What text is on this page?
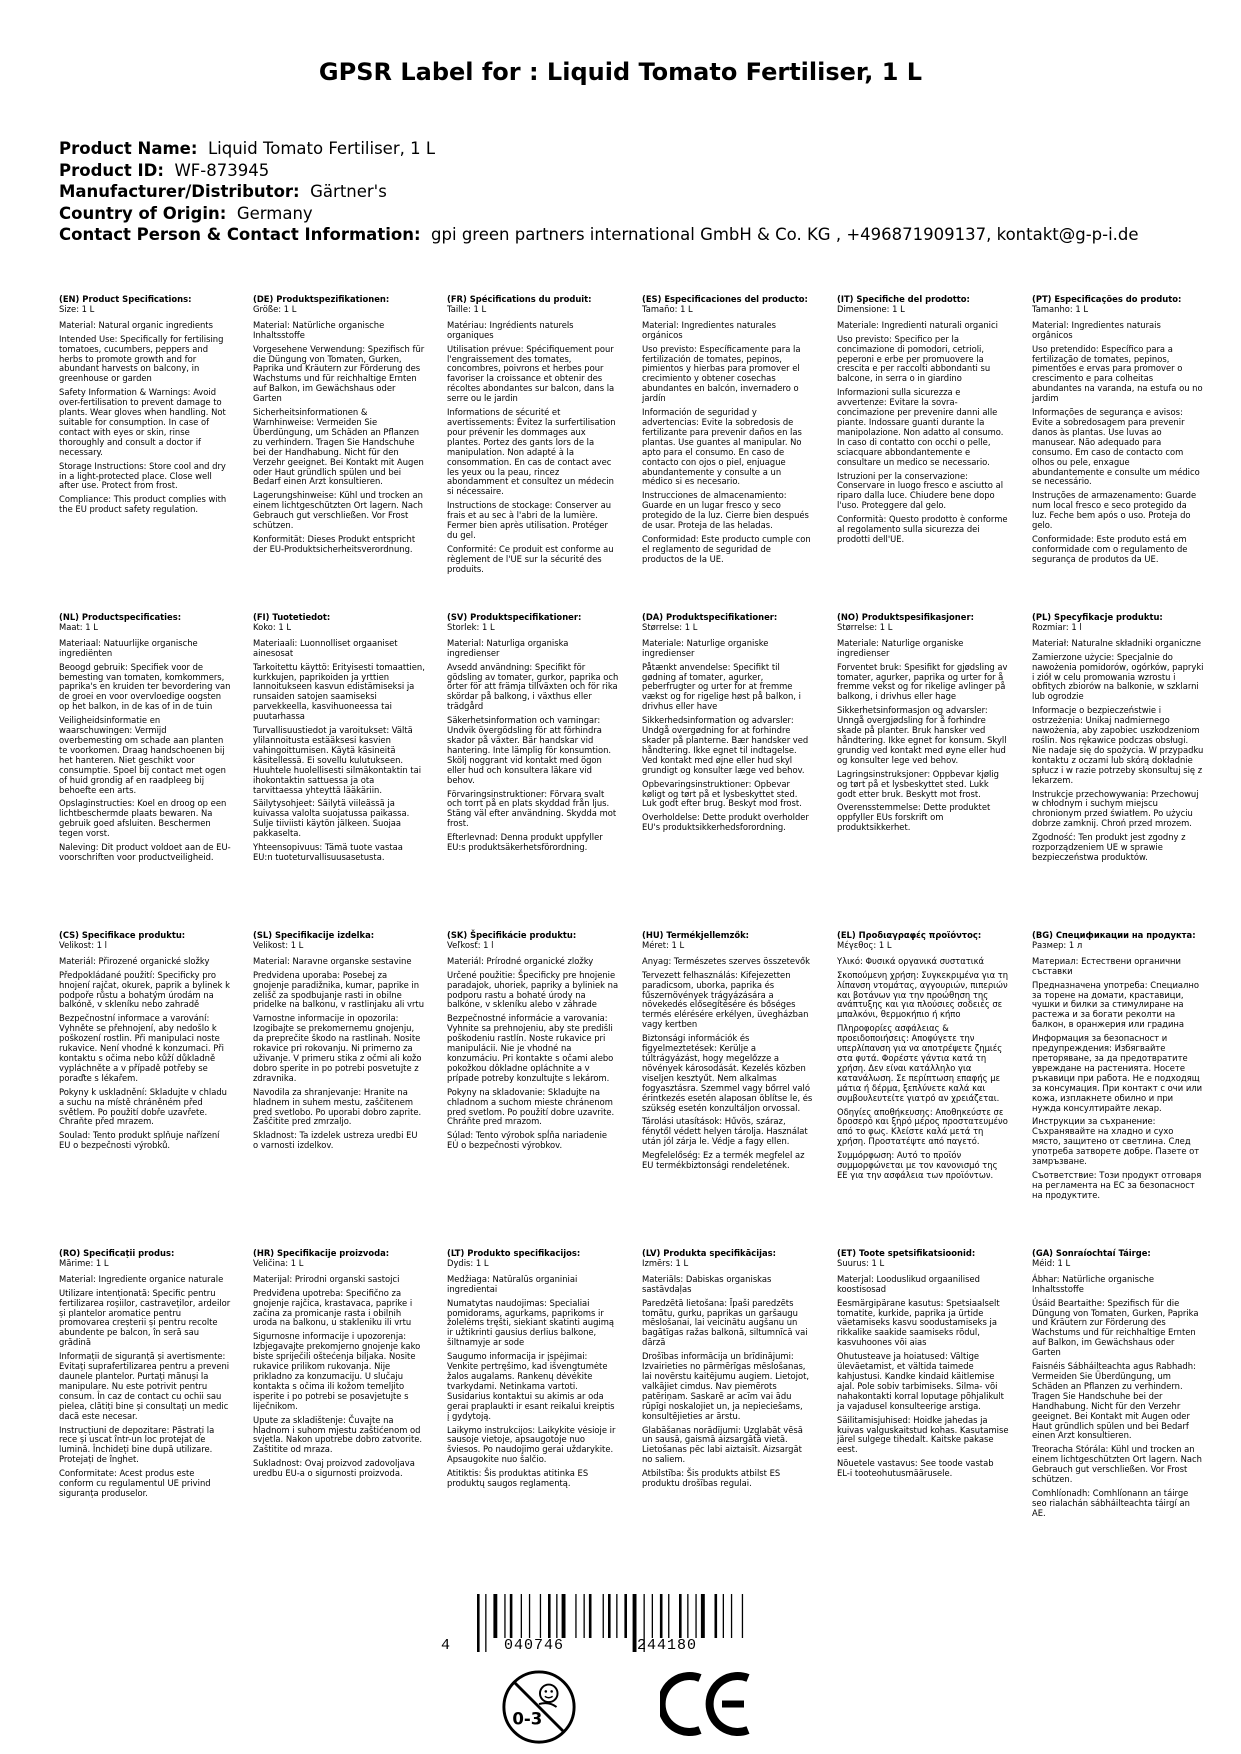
GPSR Label for : Liquid Tomato Fertiliser, 1 L
Product Name: Liquid Tomato Fertiliser, 1 L
Product ID: WF-873945
Manufacturer/Distributor: Gärtner's
Country of Origin: Germany
Contact Person & Contact Information: gpi green partners international GmbH & Co. KG , +496871909137, kontakt@g-p-i.de
(EN) Product Specifications:

Size: 1 L

Material: Natural organic ingredients

Intended Use: Specifically for fertilising tomatoes, cucumbers, peppers and herbs to promote growth and for abundant harvests on balcony, in greenhouse or garden

Safety Information & Warnings: Avoid over-fertilisation to prevent damage to plants. Wear gloves when handling. Not suitable for consumption. In case of contact with eyes or skin, rinse thoroughly and consult a doctor if necessary.

Storage Instructions: Store cool and dry in a light-protected place. Close well after use. Protect from frost.

Compliance: This product complies with the EU product safety regulation.

(DE) Produktspezifikationen:

Größe: 1 L

Material: Natürliche organische Inhaltsstoffe

Vorgesehene Verwendung: Spezifisch für die Düngung von Tomaten, Gurken, Paprika und Kräutern zur Förderung des Wachstums und für reichhaltige Ernten auf Balkon, im Gewächshaus oder Garten

Sicherheitsinformationen & Warnhinweise: Vermeiden Sie Überdüngung, um Schäden an Pflanzen zu verhindern. Tragen Sie Handschuhe bei der Handhabung. Nicht für den Verzehr geeignet. Bei Kontakt mit Augen oder Haut gründlich spülen und bei Bedarf einen Arzt konsultieren.

Lagerungshinweise: Kühl und trocken an einem lichtgeschützten Ort lagern. Nach Gebrauch gut verschließen. Vor Frost schützen.

Konformität: Dieses Produkt entspricht der EU-Produktsicherheitsverordnung.

(FR) Spécifications du produit:

Taille: 1 L

Matériau: Ingrédients naturels organiques

Utilisation prévue: Spécifiquement pour l'engraissement des tomates, concombres, poivrons et herbes pour favoriser la croissance et obtenir des récoltes abondantes sur balcon, dans la serre ou le jardin

Informations de sécurité et avertissements: Évitez la surfertilisation pour prévenir les dommages aux plantes. Portez des gants lors de la manipulation. Non adapté à la consommation. En cas de contact avec les yeux ou la peau, rincez abondamment et consultez un médecin si nécessaire.

Instructions de stockage: Conserver au frais et au sec à l'abri de la lumière. Fermer bien après utilisation. Protéger du gel.

Conformité: Ce produit est conforme au règlement de l'UE sur la sécurité des produits.

(ES) Especificaciones del producto:

Tamaño: 1 L

Material: Ingredientes naturales orgánicos

Uso previsto: Específicamente para la fertilización de tomates, pepinos, pimientos y hierbas para promover el crecimiento y obtener cosechas abundantes en balcón, invernadero o jardín

Información de seguridad y advertencias: Evite la sobredosis de fertilizante para prevenir daños en las plantas. Use guantes al manipular. No apto para el consumo. En caso de contacto con ojos o piel, enjuague abundantemente y consulte a un médico si es necesario.

Instrucciones de almacenamiento: Guarde en un lugar fresco y seco protegido de la luz. Cierre bien después de usar. Proteja de las heladas.

Conformidad: Este producto cumple con el reglamento de seguridad de productos de la UE.

(IT) Specifiche del prodotto:

Dimensione: 1 L

Materiale: Ingredienti naturali organici

Uso previsto: Specifico per la concimazione di pomodori, cetrioli, peperoni e erbe per promuovere la crescita e per raccolti abbondanti su balcone, in serra o in giardino

Informazioni sulla sicurezza e avvertenze: Evitare la sovra-concimazione per prevenire danni alle piante. Indossare guanti durante la manipolazione. Non adatto al consumo. In caso di contatto con occhi o pelle, sciacquare abbondantemente e consultare un medico se necessario.

Istruzioni per la conservazione: Conservare in luogo fresco e asciutto al riparo dalla luce. Chiudere bene dopo l'uso. Proteggere dal gelo.

Conformità: Questo prodotto è conforme al regolamento sulla sicurezza dei prodotti dell'UE.

(PT) Especificações do produto:

Tamanho: 1 L

Material: Ingredientes naturais orgânicos

Uso pretendido: Específico para a fertilização de tomates, pepinos, pimentões e ervas para promover o crescimento e para colheitas abundantes na varanda, na estufa ou no jardim

Informações de segurança e avisos: Evite a sobredosagem para prevenir danos às plantas. Use luvas ao manusear. Não adequado para consumo. Em caso de contacto com olhos ou pele, enxague abundantemente e consulte um médico se necessário.

Instruções de armazenamento: Guarde num local fresco e seco protegido da luz. Feche bem após o uso. Proteja do gelo.

Conformidade: Este produto está em conformidade com o regulamento de segurança de produtos da UE.

(NL) Productspecificaties:

Maat: 1 L

Materiaal: Natuurlijke organische ingrediënten

Beoogd gebruik: Specifiek voor de bemesting van tomaten, komkommers, paprika's en kruiden ter bevordering van de groei en voor overvloedige oogsten op het balkon, in de kas of in de tuin

Veiligheidsinformatie en waarschuwingen: Vermijd overbemesting om schade aan planten te voorkomen. Draag handschoenen bij het hanteren. Niet geschikt voor consumptie. Spoel bij contact met ogen of huid grondig af en raadpleeg bij behoefte een arts.

Opslaginstructies: Koel en droog op een lichtbeschermde plaats bewaren. Na gebruik goed afsluiten. Beschermen tegen vorst.

Naleving: Dit product voldoet aan de EU-voorschriften voor productveiligheid.

(FI) Tuotetiedot:

Koko: 1 L

Materiaali: Luonnolliset orgaaniset ainesosat

Tarkoitettu käyttö: Erityisesti tomaattien, kurkkujen, paprikoiden ja yrttien lannoitukseen kasvun edistämiseksi ja runsaiden satojen saamiseksi parvekkeella, kasvihuoneessa tai puutarhassa

Turvallisuustiedot ja varoitukset: Vältä ylilannoitusta estääksesi kasvien vahingoittumisen. Käytä käsineitä käsitellessä. Ei sovellu kulutukseen. Huuhtele huolellisesti silmäkontaktin tai ihokontaktin sattuessa ja ota tarvittaessa yhteyttä lääkäriin.

Säilytysohjeet: Säilytä viileässä ja kuivassa valolta suojatussa paikassa. Sulje tiiviisti käytön jälkeen. Suojaa pakkaselta.

Yhteensopivuus: Tämä tuote vastaa EU:n tuoteturvallisuusasetusta.

(SV) Produktspecifikationer:

Storlek: 1 L

Material: Naturliga organiska ingredienser

Avsedd användning: Specifikt för gödsling av tomater, gurkor, paprika och örter för att främja tillväxten och för rika skördar på balkong, i växthus eller trädgård

Säkerhetsinformation och varningar: Undvik övergödsling för att förhindra skador på växter. Bär handskar vid hantering. Inte lämplig för konsumtion. Skölj noggrant vid kontakt med ögon eller hud och konsultera läkare vid behov.

Förvaringsinstruktioner: Förvara svalt och torrt på en plats skyddad från ljus. Stäng väl efter användning. Skydda mot frost.

Efterlevnad: Denna produkt uppfyller EU:s produktsäkerhetsförordning.

(DA) Produktspecifikationer:

Størrelse: 1 L

Materiale: Naturlige organiske ingredienser

Påtænkt anvendelse: Specifikt til gødning af tomater, agurker, peberfrugter og urter for at fremme vækst og for rigelige høst på balkon, i drivhus eller have

Sikkerhedsinformation og advarsler: Undgå overgødning for at forhindre skader på planterne. Bær handsker ved håndtering. Ikke egnet til indtagelse. Ved kontakt med øjne eller hud skyl grundigt og konsulter læge ved behov.

Opbevaringsinstruktioner: Opbevar køligt og tørt på et lysbeskyttet sted. Luk godt efter brug. Beskyt mod frost.

Overholdelse: Dette produkt overholder EU's produktsikkerhedsforordning.

(NO) Produktspesifikasjoner:

Størrelse: 1 L

Materiale: Naturlige organiske ingredienser

Forventet bruk: Spesifikt for gjødsling av tomater, agurker, paprika og urter for å fremme vekst og for rikelige avlinger på balkong, i drivhus eller hage

Sikkerhetsinformasjon og advarsler: Unngå overgjødsling for å forhindre skade på planter. Bruk hansker ved håndtering. Ikke egnet for konsum. Skyll grundig ved kontakt med øyne eller hud og konsulter lege ved behov.

Lagringsinstruksjoner: Oppbevar kjølig og tørt på et lysbeskyttet sted. Lukk godt etter bruk. Beskytt mot frost.

Overensstemmelse: Dette produktet oppfyller EUs forskrift om produktsikkerhet.

(PL) Specyfikacje produktu:

Rozmiar: 1 l

Materiał: Naturalne składniki organiczne

Zamierzone użycie: Specjalnie do nawożenia pomidorów, ogórków, papryki i ziół w celu promowania wzrostu i obfitych zbiorów na balkonie, w szklarni lub ogrodzie

Informacje o bezpieczeństwie i ostrzeżenia: Unikaj nadmiernego nawożenia, aby zapobiec uszkodzeniom roślin. Nos rękawice podczas obsługi. Nie nadaje się do spożycia. W przypadku kontaktu z oczami lub skórą dokładnie spłucz i w razie potrzeby skonsultuj się z lekarzem.

Instrukcje przechowywania: Przechowuj w chłodnym i suchym miejscu chronionym przed światłem. Po użyciu dobrze zamknij. Chroń przed mrozem.

Zgodność: Ten produkt jest zgodny z rozporządzeniem UE w sprawie bezpieczeństwa produktów.

(CS) Specifikace produktu:

Velikost: 1 l

Materiál: Přirozené organické složky

Předpokládané použití: Specificky pro hnojení rajčat, okurek, paprik a bylinek k podpoře růstu a bohatým úrodám na balkóně, v skleníku nebo zahradě

Bezpečnostní informace a varování: Vyhněte se přehnojení, aby nedošlo k poškození rostlin. Při manipulaci noste rukavice. Není vhodné k konzumaci. Při kontaktu s očima nebo kůží důkladně vypláchněte a v případě potřeby se poraďte s lékařem.

Pokyny k uskladnění: Skladujte v chladu a suchu na místě chráněném před světlem. Po použití dobře uzavřete. Chraňte před mrazem.

Soulad: Tento produkt splňuje nařízení EU o bezpečnosti výrobků.

(SL) Specifikacije izdelka:

Velikost: 1 L

Material: Naravne organske sestavine

Predvidena uporaba: Posebej za gnojenje paradižnika, kumar, paprike in zelišč za spodbujanje rasti in obilne pridelke na balkonu, v rastlinjaku ali vrtu

Varnostne informacije in opozorila: Izogibajte se prekomernemu gnojenju, da preprečite škodo na rastlinah. Nosite rokavice pri rokovanju. Ni primerno za uživanje. V primeru stika z očmi ali kožo dobro sperite in po potrebi posvetujte z zdravnika.

Navodila za shranjevanje: Hranite na hladnem in suhem mestu, zaščitenem pred svetlobo. Po uporabi dobro zaprite. Zaščitite pred zmrzaljo.

Skladnost: Ta izdelek ustreza uredbi EU o varnosti izdelkov.

(SK) Špecifikácie produktu:

Veľkosť: 1 l

Materiál: Prírodné organické zložky

Určené použitie: Špecificky pre hnojenie paradajok, uhoriek, papriky a byliniek na podporu rastu a bohaté úrody na balkóne, v skleníku alebo v záhrade

Bezpečnostné informácie a varovania: Vyhnite sa prehnojeniu, aby ste predišli poškodeniu rastlín. Noste rukavice pri manipulácii. Nie je vhodné na konzumáciu. Pri kontakte s očami alebo pokožkou dôkladne opláchnite a v prípade potreby konzultujte s lekárom.

Pokyny na skladovanie: Skladujte na chladnom a suchom mieste chránenom pred svetlom. Po použití dobre uzavrite. Chráňte pred mrazom.

Súlad: Tento výrobok spĺňa nariadenie EÚ o bezpečnosti výrobkov.

(HU) Termékjellemzők:

Méret: 1 L

Anyag: Természetes szerves összetevők

Tervezett felhasználás: Kifejezetten paradicsom, uborka, paprika és fűszernövények trágyázására a növekedés elősegítésére és bőséges termés elérésére erkélyen, üvegházban vagy kertben

Biztonsági információk és figyelmeztetések: Kerülje a túltrágyázást, hogy megelőzze a növények károsodását. Kezelés közben viseljen kesztyűt. Nem alkalmas fogyasztásra. Szemmel vagy bőrrel való érintkezés esetén alaposan öblítse le, és szükség esetén konzultáljon orvossal.

Tárolási utasítások: Hűvös, száraz, fénytől védett helyen tárolja. Használat után jól zárja le. Védje a fagy ellen.

Megfelelőség: Ez a termék megfelel az EU termékbiztonsági rendeletének.

(EL) Προδιαγραφές προϊόντος:

Μέγεθος: 1 L

Υλικό: Φυσικά οργανικά συστατικά

Σκοπούμενη χρήση: Συγκεκριμένα για τη λίπανση ντομάτας, αγγουριών, πιπεριών και βοτάνων για την προώθηση της ανάπτυξης και για πλούσιες σοδειές σε μπαλκόνι, θερμοκήπιο ή κήπο

Πληροφορίες ασφάλειας & προειδοποιήσεις: Αποφύγετε την υπερλίπανση για να αποτρέψετε ζημιές στα φυτά. Φορέστε γάντια κατά τη χρήση. Δεν είναι κατάλληλο για κατανάλωση. Σε περίπτωση επαφής με μάτια ή δέρμα, ξεπλύνετε καλά και συμβουλευτείτε γιατρό αν χρειάζεται.

Οδηγίες αποθήκευσης: Αποθηκεύστε σε δροσερό και ξηρό μέρος προστατευμένο από το φως. Κλείστε καλά μετά τη χρήση. Προστατέψτε από παγετό.

Συμμόρφωση: Αυτό το προϊόν συμμορφώνεται με τον κανονισμό της ΕΕ για την ασφάλεια των προϊόντων.

(BG) Спецификации на продукта:

Размер: 1 л

Материал: Естествени органични съставки

Предназначена употреба: Специално за торене на домати, краставици, чушки и билки за стимулиране на растежа и за богати реколти на балкон, в оранжерия или градина

Информация за безопасност и предупреждения: Избягвайте преторяване, за да предотвратите увреждане на растенията. Носете ръкавици при работа. Не е подходящ за консумация. При контакт с очи или кожа, изплакнете обилно и при нужда консултирайте лекар.

Инструкции за съхранение: Съхранявайте на хладно и сухо място, защитено от светлина. След употреба затворете добре. Пазете от замръзване.

Съответствие: Този продукт отговаря на регламента на ЕС за безопасност на продуктите.

(RO) Specificații produs:

Mărime: 1 L

Material: Ingrediente organice naturale

Utilizare intenționată: Specific pentru fertilizarea roșiilor, castraveților, ardeilor și plantelor aromatice pentru promovarea creșterii și pentru recolte abundente pe balcon, în seră sau grădină

Informații de siguranță și avertismente: Evitați suprafertilizarea pentru a preveni daunele plantelor. Purtați mănuși la manipulare. Nu este potrivit pentru consum. În caz de contact cu ochii sau pielea, clătiți bine și consultați un medic dacă este necesar.

Instrucțiuni de depozitare: Păstrați la rece și uscat într-un loc protejat de lumină. Închideți bine după utilizare. Protejați de înghet.

Conformitate: Acest produs este conform cu regulamentul UE privind siguranța produselor.

(HR) Specifikacije proizvoda:

Veličina: 1 L

Materijal: Prirodni organski sastojci

Predviđena upotreba: Specifično za gnojenje rajčica, krastavaca, paprike i začina za promicanje rasta i obilnih uroda na balkonu, u stakleniku ili vrtu

Sigurnosne informacije i upozorenja: Izbjegavajte prekomjerno gnojenje kako biste spriječili oštećenja biljaka. Nosite rukavice prilikom rukovanja. Nije prikladno za konzumaciju. U slučaju kontakta s očima ili kožom temeljito isperite i po potrebi se posavjetujte s liječnikom.

Upute za skladištenje: Čuvajte na hladnom i suhom mjestu zaštićenom od svjetla. Nakon upotrebe dobro zatvorite. Zaštitite od mraza.

Sukladnost: Ovaj proizvod zadovoljava uredbu EU-a o sigurnosti proizvoda.

(LT) Produkto specifikacijos:

Dydis: 1 L

Medžiaga: Natūralūs organiniai ingredientai

Numatytas naudojimas: Specialiai pomidorams, agurkams, paprikoms ir žolelėms tręšti, siekiant skatinti augimą ir užtikrinti gausius derlius balkone, šiltnamyje ar sode

Saugumo informacija ir įspėjimai: Venkite pertręšimo, kad išvengtumėte žalos augalams. Rankenų dėvėkite tvarkydami. Netinkama vartoti. Susidarius kontaktui su akimis ar oda gerai praplaukti ir esant reikalui kreiptis į gydytoją.

Laikymo instrukcijos: Laikykite vėsioje ir sausoje vietoje, apsaugotoje nuo šviesos. Po naudojimo gerai uždarykite. Apsaugokite nuo šalčio.

Atitiktis: Šis produktas atitinka ES produktų saugos reglamentą.

(LV) Produkta specifikācijas:

Izmērs: 1 L

Materiāls: Dabiskas organiskas sastāvdaļas

Paredzētā lietošana: Īpaši paredzēts tomātu, gurku, paprikas un garšaugu mēslošanai, lai veicinātu augšanu un bagātīgas ražas balkonā, siltumnīcā vai dārzā

Drošības informācija un brīdinājumi: Izvairieties no pārmērīgas mēslošanas, lai novērstu kaitējumu augiem. Lietojot, valkājiet cimdus. Nav piemērots patēriņam. Saskarē ar acīm vai ādu rūpīgi noskalojiet un, ja nepieciešams, konsultējieties ar ārstu.

Glabāšanas norādījumi: Uzglabāt vēsā un sausā, gaismā aizsargātā vietā. Lietošanas pēc labi aiztaisīt. Aizsargāt no saliem.

Atbilstība: Šis produkts atbilst ES produktu drošības regulai.

(ET) Toote spetsifikatsioonid:

Suurus: 1 L

Materjal: Looduslikud orgaanilised koostisosad

Eesmärgipärane kasutus: Spetsiaalselt tomatite, kurkide, paprika ja ürtide väetamiseks kasvu soodustamiseks ja rikkalike saakide saamiseks rõdul, kasvuhoones või aias

Ohutusteave ja hoiatused: Vältige üleväetamist, et vältida taimede kahjustusi. Kandke kindaid käitlemise ajal. Pole sobiv tarbimiseks. Silma- või nahakontakti korral loputage põhjalikult ja vajadusel konsulteerige arstiga.

Säilitamisjuhised: Hoidke jahedas ja kuivas valguskaitstud kohas. Kasutamise järel sulgege tihedalt. Kaitske pakase eest.

Nõuetele vastavus: See toode vastab EL-i tooteohutusmäärusele.

(GA) Sonraíochtaí Táirge:

Méid: 1 L

Ábhar: Natürliche organische Inhaltsstoffe

Úsáid Beartaithe: Spezifisch für die Düngung von Tomaten, Gurken, Paprika und Kräutern zur Förderung des Wachstums und für reichhaltige Ernten auf Balkon, im Gewächshaus oder Garten

Faisnéis Sábháilteachta agus Rabhadh: Vermeiden Sie Überdüngung, um Schäden an Pflanzen zu verhindern. Tragen Sie Handschuhe bei der Handhabung. Nicht für den Verzehr geeignet. Bei Kontakt mit Augen oder Haut gründlich spülen und bei Bedarf einen Arzt konsultieren.

Treoracha Stórála: Kühl und trocken an einem lichtgeschützten Ort lagern. Nach Gebrauch gut verschließen. Vor Frost schützen.

Comhlíonadh: Comhlíonann an táirge seo rialachán sábháilteachta táirgí an AE.

4	040746	244180
0-3
